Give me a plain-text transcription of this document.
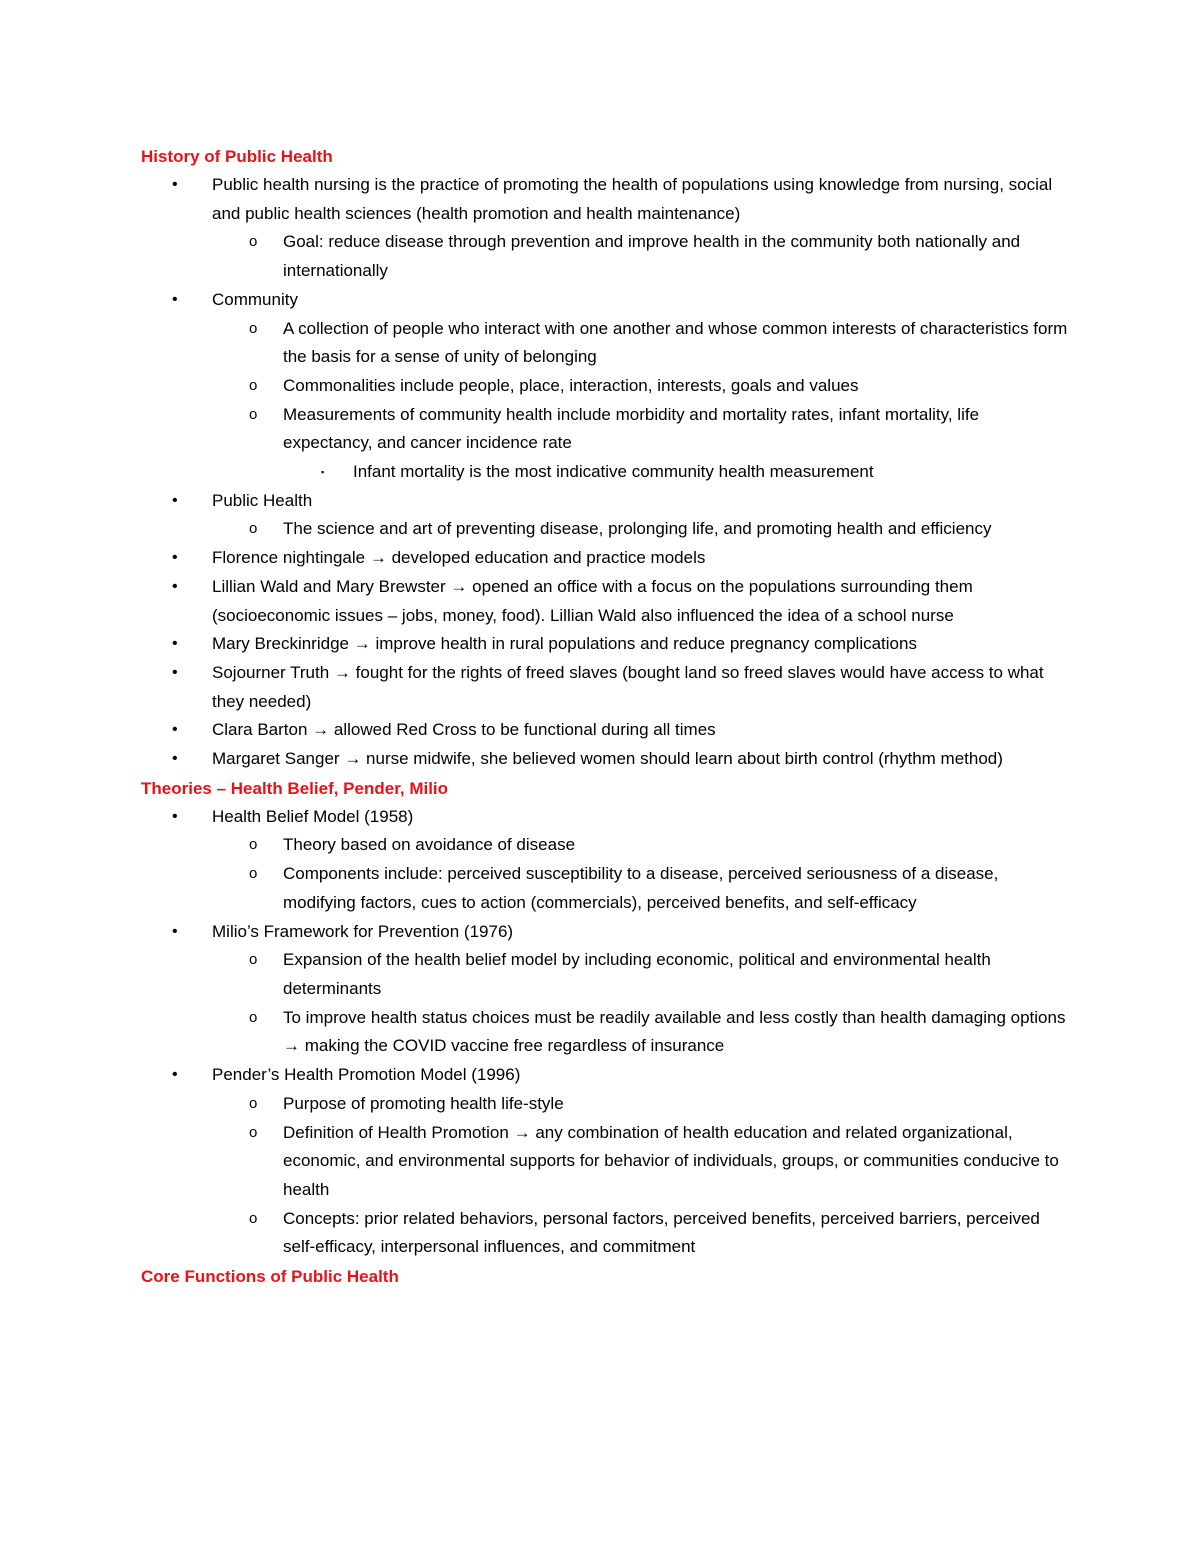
History of Public Health
• Public health nursing is the practice of promoting the health of populations using knowledge from nursing, social and public health sciences (health promotion and health maintenance)
o Goal: reduce disease through prevention and improve health in the community both nationally and internationally
• Community
o A collection of people who interact with one another and whose common interests of characteristics form the basis for a sense of unity of belonging
o Commonalities include people, place, interaction, interests, goals and values
o Measurements of community health include morbidity and mortality rates, infant mortality, life expectancy, and cancer incidence rate
▪ Infant mortality is the most indicative community health measurement
• Public Health
o The science and art of preventing disease, prolonging life, and promoting health and efficiency
• Florence nightingale → developed education and practice models
• Lillian Wald and Mary Brewster → opened an office with a focus on the populations surrounding them (socioeconomic issues – jobs, money, food). Lillian Wald also influenced the idea of a school nurse
• Mary Breckinridge → improve health in rural populations and reduce pregnancy complications
• Sojourner Truth → fought for the rights of freed slaves (bought land so freed slaves would have access to what they needed)
• Clara Barton → allowed Red Cross to be functional during all times
• Margaret Sanger → nurse midwife, she believed women should learn about birth control (rhythm method)
Theories – Health Belief, Pender, Milio
• Health Belief Model (1958)
o Theory based on avoidance of disease
o Components include: perceived susceptibility to a disease, perceived seriousness of a disease, modifying factors, cues to action (commercials), perceived benefits, and self-efficacy
• Milio’s Framework for Prevention (1976)
o Expansion of the health belief model by including economic, political and environmental health determinants
o To improve health status choices must be readily available and less costly than health damaging options → making the COVID vaccine free regardless of insurance
• Pender’s Health Promotion Model (1996)
o Purpose of promoting health life-style
o Definition of Health Promotion → any combination of health education and related organizational, economic, and environmental supports for behavior of individuals, groups, or communities conducive to health
o Concepts: prior related behaviors, personal factors, perceived benefits, perceived barriers, perceived self-efficacy, interpersonal influences, and commitment
Core Functions of Public Health
